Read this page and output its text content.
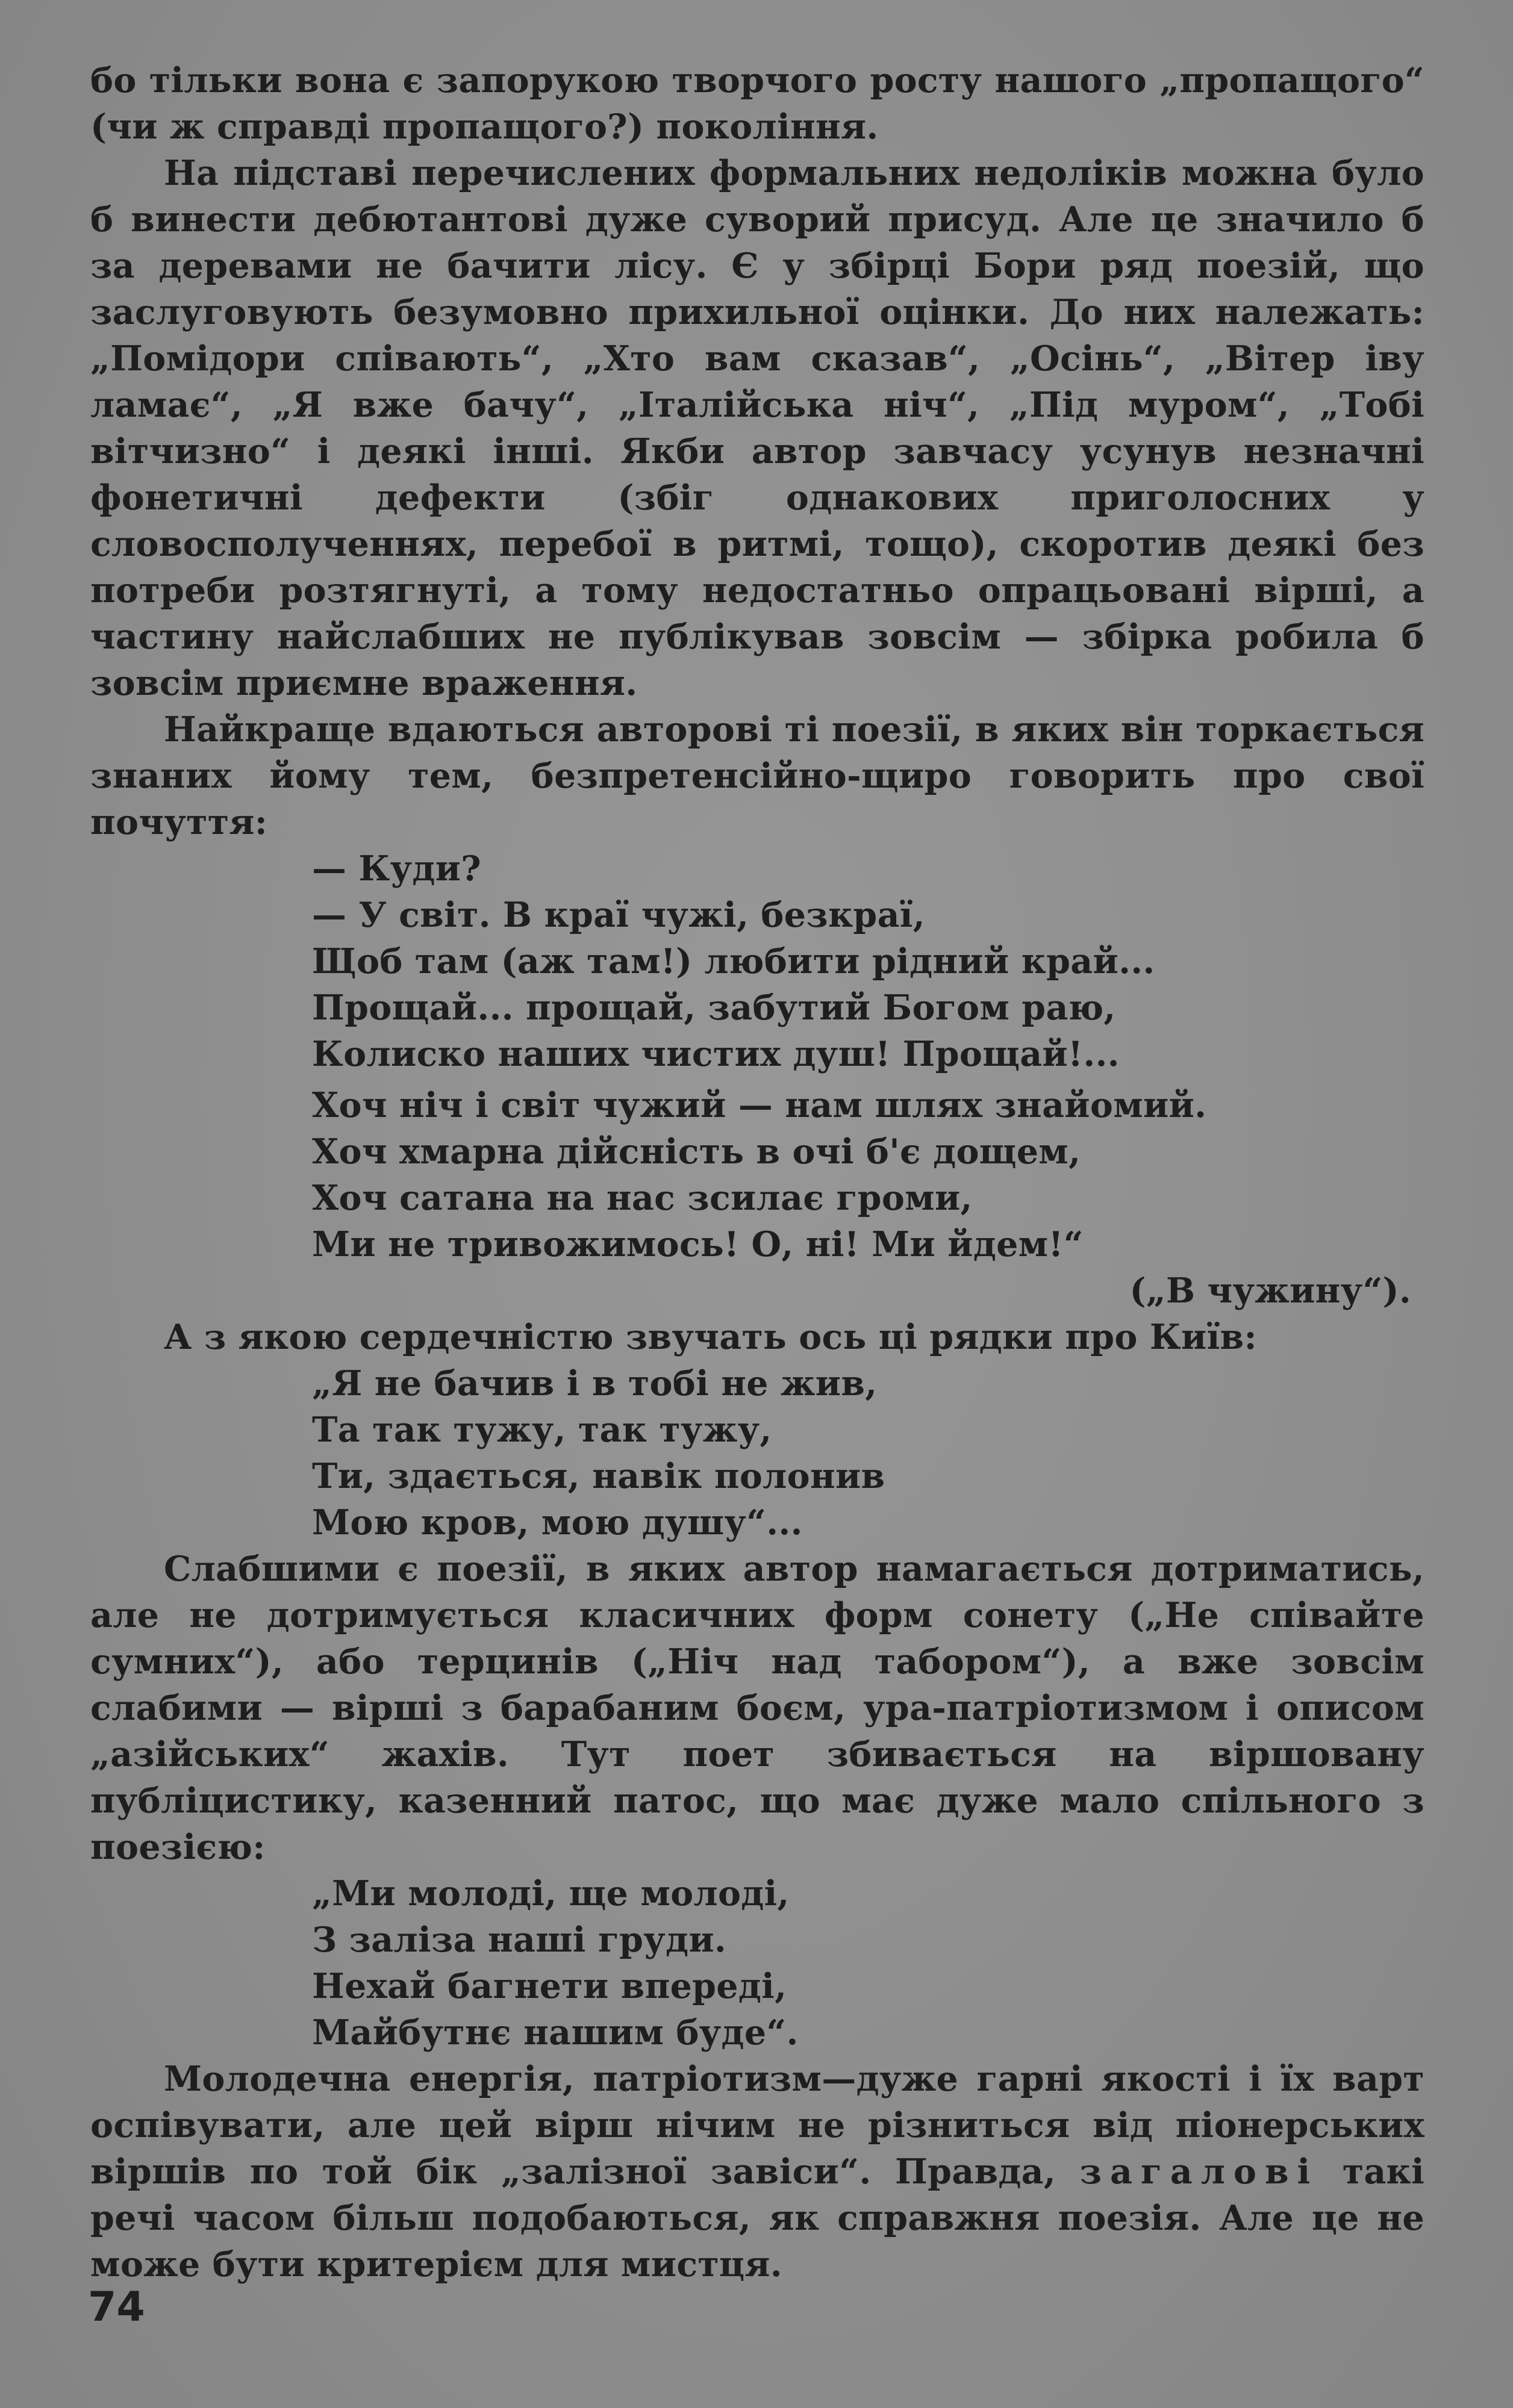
бо тільки вона є запорукою творчого росту нашого „пропащого“ (чи ж справді пропащого?) покоління.

На підставі перечислених формальних недоліків можна було б винести дебютантові дуже суворий присуд. Але це значило б за деревами не бачити лісу. Є у збірці Бори ряд поезій, що заслуговують безумовно прихильної оцінки. До них належать: „Помідори співають“, „Хто вам сказав“, „Осінь“, „Вітер іву ламає“, „Я вже бачу“, „Італійська ніч“, „Під муром“, „Тобі вітчизно“ і деякі інші. Якби автор завчасу усунув незначні фонетичні дефекти (збіг однакових приголосних у словосполученнях, перебої в ритмі, тощо), скоротив деякі без потреби розтягнуті, а тому недостатньо опрацьовані вірші, а частину найслабших не публікував зовсім — збірка робила б зовсім приємне враження.

Найкраще вдаються авторові ті поезії, в яких він торкається знаних йому тем, безпретенсійно-щиро говорить про свої почуття:

— Куди?
— У світ. В краї чужі, безкраї,
Щоб там (аж там!) любити рідний край...
Прощай... прощай, забутий Богом раю,
Колиско наших чистих душ! Прощай!...
Хоч ніч і світ чужий — нам шлях знайомий.
Хоч хмарна дійсність в очі б'є дощем,
Хоч сатана на нас зсилає громи,
Ми не тривожимось! О, ні! Ми йдем!“
(„В чужину“).

А з якою сердечністю звучать ось ці рядки про Київ:

„Я не бачив і в тобі не жив,
Та так тужу, так тужу,
Ти, здається, навік полонив
Мою кров, мою душу“...

Слабшими є поезії, в яких автор намагається дотриматись, але не дотримується класичних форм сонету („Не співайте сумних“), або терцинів („Ніч над табором“), а вже зовсім слабими — вірші з барабаним боєм, ура-патріотизмом і описом „азійських“ жахів. Тут поет збивається на віршовану публіцистику, казенний патос, що має дуже мало спільного з поезією:

„Ми молоді, ще молоді,
З заліза наші груди.
Нехай багнети впереді,
Майбутнє нашим буде“.

Молодечна енергія, патріотизм—дуже гарні якості і їх варт оспівувати, але цей вірш нічим не різниться від піонерських віршів по той бік „залізної завіси“. Правда, загалові такі речі часом більш подобаються, як справжня поезія. Але це не може бути критерієм для мистця.

74
